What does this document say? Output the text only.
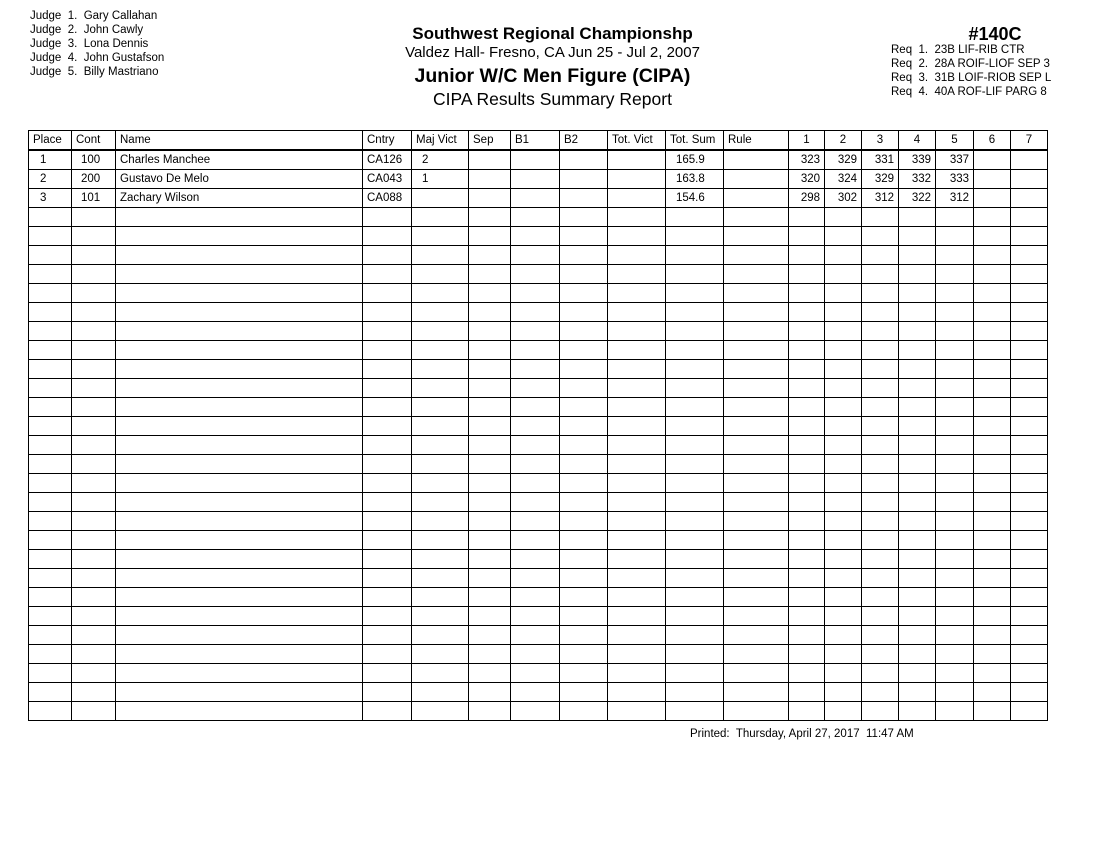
Judge  1.  Gary Callahan
Judge  2.  John Cawly
Judge  3.  Lona Dennis
Judge  4.  John Gustafson
Judge  5.  Billy Mastriano
Southwest Regional Championshp
Valdez Hall- Fresno, CA Jun 25 - Jul 2, 2007
Junior W/C Men Figure (CIPA)
CIPA Results Summary Report
#140C
Req  1.  23B LIF-RIB CTR
Req  2.  28A ROIF-LIOF SEP 3
Req  3.  31B LOIF-RIOB SEP L
Req  4.  40A ROF-LIF PARG 8
Place	Cont	Name	Cntry	Maj Vict	Sep	B1	B2	Tot. Vict	Tot. Sum	Rule	1	2	3	4	5	6	7
1	100	Charles Manchee	CA126	2					165.9		323	329	331	339	337		
2	200	Gustavo De Melo	CA043	1					163.8		320	324	329	332	333		
3	101	Zachary Wilson	CA088						154.6		298	302	312	322	312		

Printed:  Thursday, April 27, 2017  11:47 AM
